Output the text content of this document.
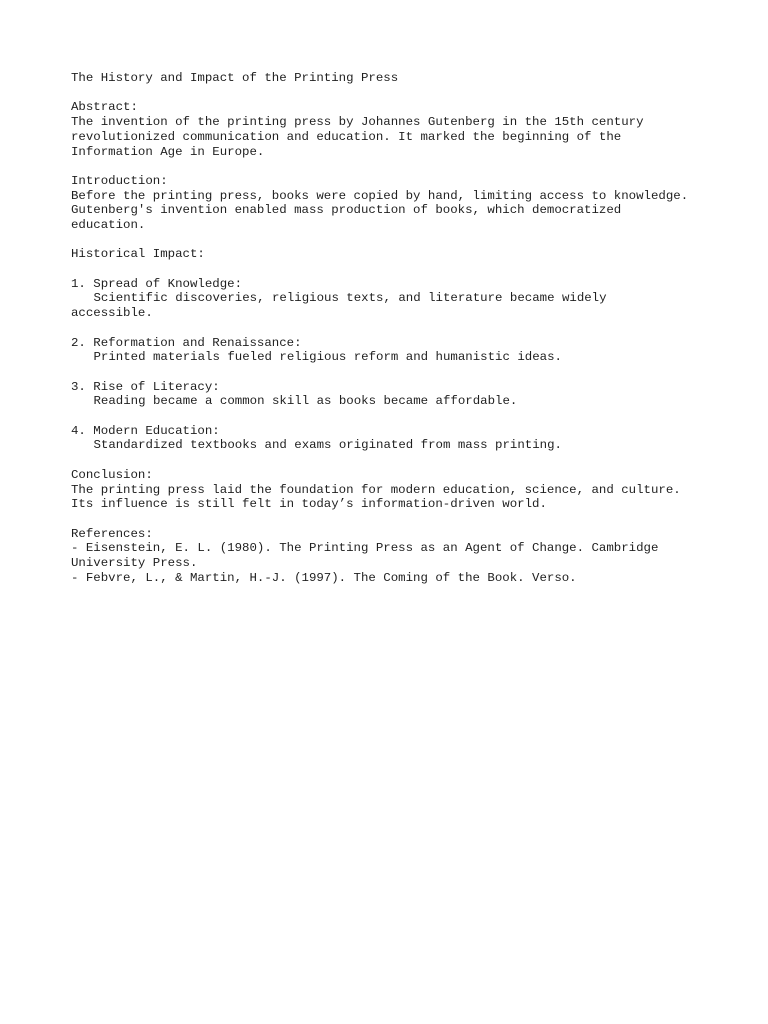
The History and Impact of the Printing Press
Abstract:
The invention of the printing press by Johannes Gutenberg in the 15th century
revolutionized communication and education. It marked the beginning of the
Information Age in Europe.
Introduction:
Before the printing press, books were copied by hand, limiting access to knowledge.
Gutenberg's invention enabled mass production of books, which democratized
education.
Historical Impact:
1. Spread of Knowledge:
Scientific discoveries, religious texts, and literature became widely
accessible.
2. Reformation and Renaissance:
Printed materials fueled religious reform and humanistic ideas.
3. Rise of Literacy:
Reading became a common skill as books became affordable.
4. Modern Education:
Standardized textbooks and exams originated from mass printing.
Conclusion:
The printing press laid the foundation for modern education, science, and culture.
Its influence is still felt in today’s information-driven world.
References:
- Eisenstein, E. L. (1980). The Printing Press as an Agent of Change. Cambridge
University Press.
- Febvre, L., & Martin, H.-J. (1997). The Coming of the Book. Verso.
